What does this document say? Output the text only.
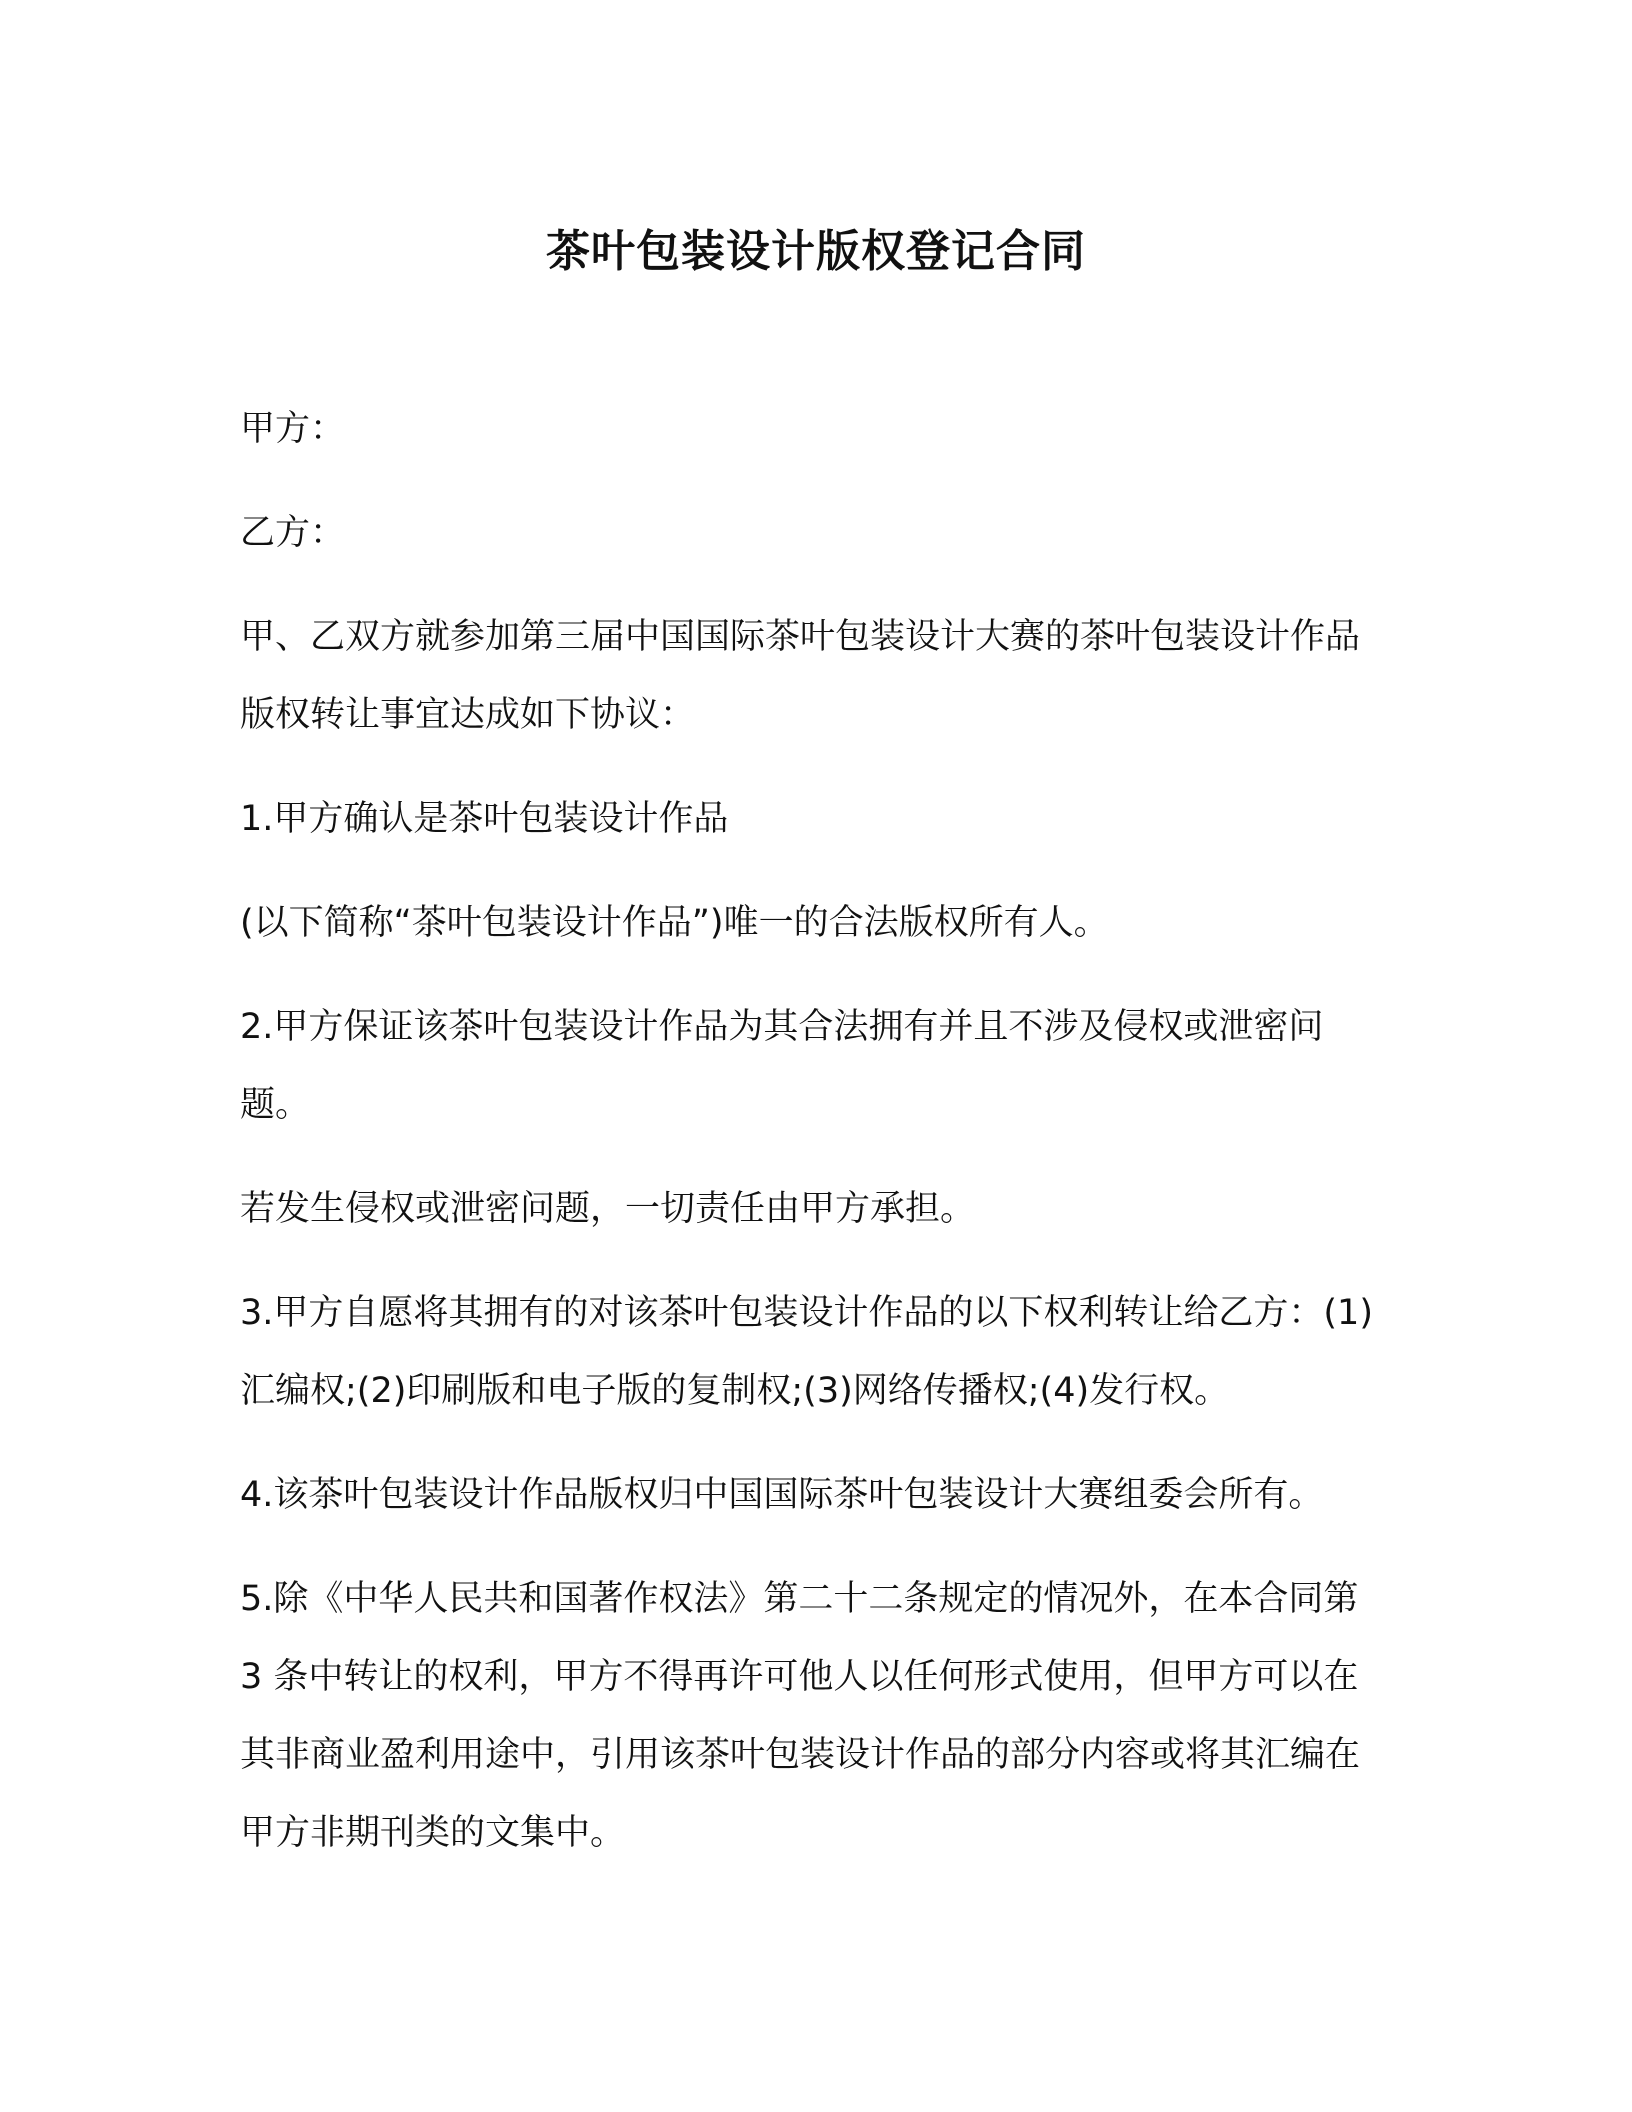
茶叶包装设计版权登记合同

甲方：

乙方：

甲、乙双方就参加第三届中国国际茶叶包装设计大赛的茶叶包装设计作品版权转让事宜达成如下协议：

1.甲方确认是茶叶包装设计作品

(以下简称“茶叶包装设计作品”)唯一的合法版权所有人。

2.甲方保证该茶叶包装设计作品为其合法拥有并且不涉及侵权或泄密问题。

若发生侵权或泄密问题，一切责任由甲方承担。

3.甲方自愿将其拥有的对该茶叶包装设计作品的以下权利转让给乙方：(1)汇编权;(2)印刷版和电子版的复制权;(3)网络传播权;(4)发行权。

4.该茶叶包装设计作品版权归中国国际茶叶包装设计大赛组委会所有。

5.除《中华人民共和国著作权法》第二十二条规定的情况外，在本合同第 3 条中转让的权利，甲方不得再许可他人以任何形式使用，但甲方可以在其非商业盈利用途中，引用该茶叶包装设计作品的部分内容或将其汇编在甲方非期刊类的文集中。
